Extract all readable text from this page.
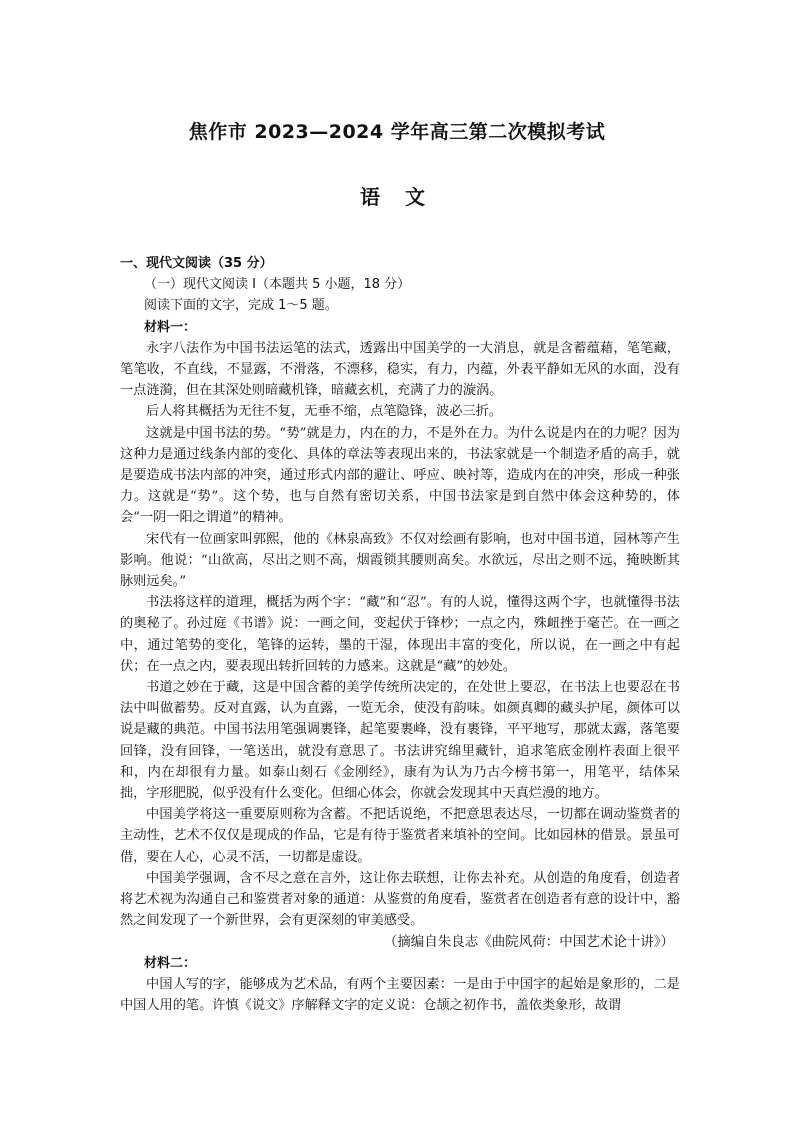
焦作市 2023—2024 学年高三第二次模拟考试
语 文

一、现代文阅读（35 分）

（一）现代文阅读 I（本题共 5 小题，18 分）

阅读下面的文字，完成 1～5 题。

材料一：

永字八法作为中国书法运笔的法式，透露出中国美学的一大消息，就是含蓄蕴藉，笔笔藏，笔笔收，不直线，不显露，不滑落，不漂移，稳实，有力，内蕴，外表平静如无风的水面，没有一点涟漪，但在其深处则暗藏机锋，暗藏玄机，充满了力的漩涡。

后人将其概括为无往不复，无垂不缩，点笔隐锋，波必三折。

这就是中国书法的势。“势”就是力，内在的力，不是外在力。为什么说是内在的力呢？因为这种力是通过线条内部的变化、具体的章法等表现出来的，书法家就是一个制造矛盾的高手，就是要造成书法内部的冲突，通过形式内部的避让、呼应、映衬等，造成内在的冲突，形成一种张力。这就是“势”。这个势，也与自然有密切关系，中国书法家是到自然中体会这种势的，体会“一阴一阳之谓道”的精神。

宋代有一位画家叫郭熙，他的《林泉高致》不仅对绘画有影响，也对中国书道，园林等产生影响。他说：“山欲高，尽出之则不高，烟霞锁其腰则高矣。水欲远，尽出之则不远，掩映断其脉则远矣。”

书法将这样的道理，概括为两个字：“藏”和“忍”。有的人说，懂得这两个字，也就懂得书法的奥秘了。孙过庭《书谱》说：一画之间，变起伏于锋杪；一点之内，殊衄挫于毫芒。在一画之中，通过笔势的变化，笔锋的运转，墨的干湿，体现出丰富的变化，所以说，在一画之中有起伏；在一点之内，要表现出转折回转的力感来。这就是“藏”的妙处。

书道之妙在于藏，这是中国含蓄的美学传统所决定的，在处世上要忍，在书法上也要忍在书法中叫做蓄势。反对直露，认为直露，一览无余，使没有韵味。如颜真卿的藏头护尾，颜体可以说是藏的典范。中国书法用笔强调裹锋，起笔要裹峰，没有裹锋，平平地写，那就太露，落笔要回锋，没有回锋，一笔送出，就没有意思了。书法讲究绵里藏针，追求笔底金刚杵表面上很平和，内在却很有力量。如泰山刻石《金刚经》，康有为认为乃古今榜书第一，用笔平，结体呆拙，字形肥脱，似乎没有什么变化。但细心体会，你就会发现其中天真烂漫的地方。

中国美学将这一重要原则称为含蓄。不把话说绝，不把意思表达尽，一切都在调动鉴赏者的主动性，艺术不仅仅是现成的作品，它是有待于鉴赏者来填补的空间。比如园林的借景。景虽可借，要在人心，心灵不活，一切都是虚设。

中国美学强调，含不尽之意在言外，这让你去联想，让你去补充。从创造的角度看，创造者将艺术视为沟通自己和鉴赏者对象的通道：从鉴赏的角度看，鉴赏者在创造者有意的设计中，豁然之间发现了一个新世界，会有更深刻的审美感受。

（摘编自朱良志《曲院风荷：中国艺术论十讲》）

材料二：

中国人写的字，能够成为艺术品，有两个主要因素：一是由于中国字的起始是象形的，二是中国人用的笔。许慎《说文》序解释文字的定义说：仓颉之初作书，盖依类象形，故谓
